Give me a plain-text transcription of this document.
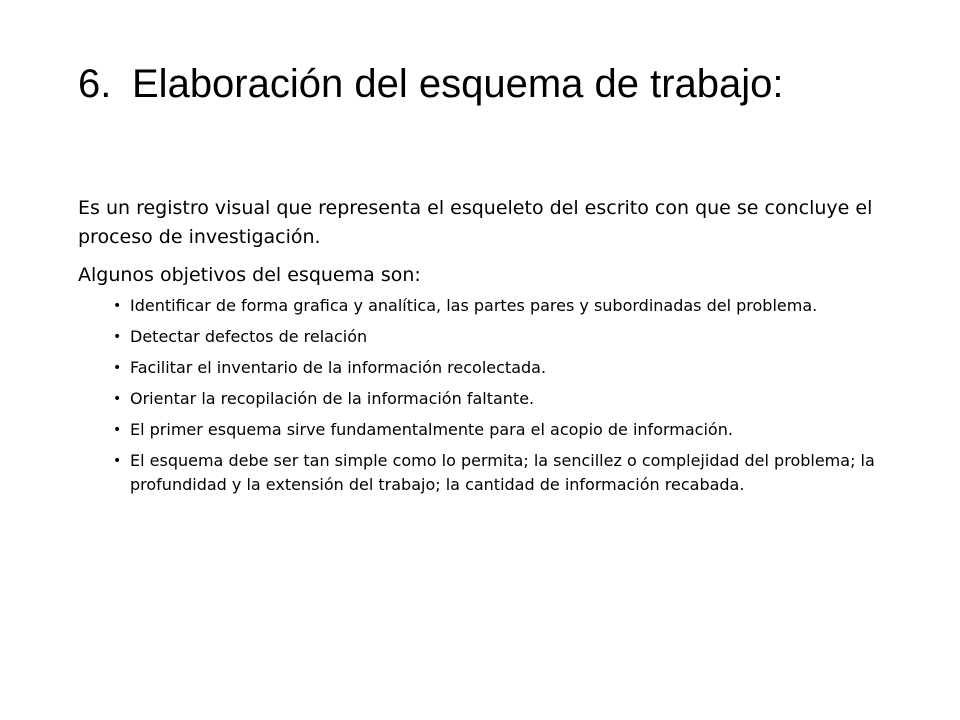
6. Elaboración del esquema de trabajo:

Es un registro visual que representa el esqueleto del escrito con que se concluye el proceso de investigación.

Algunos objetivos del esquema son:

• Identificar de forma grafica y analítica, las partes pares y subordinadas del problema.
• Detectar defectos de relación
• Facilitar el inventario de la información recolectada.
• Orientar la recopilación de la información faltante.
• El primer esquema sirve fundamentalmente para el acopio de información.
• El esquema debe ser tan simple como lo permita; la sencillez o complejidad del problema; la profundidad y la extensión del trabajo; la cantidad de información recabada.
